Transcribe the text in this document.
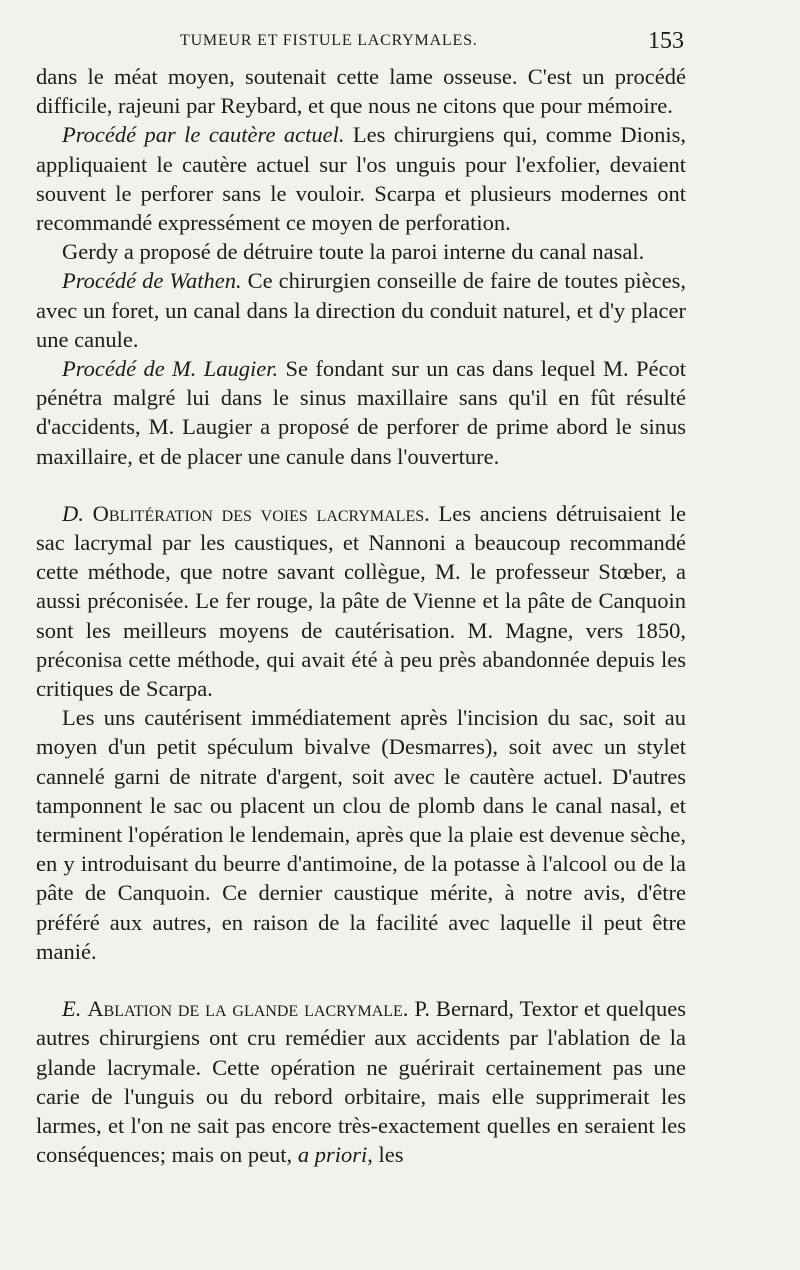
TUMEUR ET FISTULE LACRYMALES.	153

dans le méat moyen, soutenait cette lame osseuse. C'est un procédé difficile, rajeuni par Reybard, et que nous ne citons que pour mémoire.

Procédé par le cautère actuel. Les chirurgiens qui, comme Dionis, appliquaient le cautère actuel sur l'os unguis pour l'exfolier, devaient souvent le perforer sans le vouloir. Scarpa et plusieurs modernes ont recommandé expressément ce moyen de perforation.

Gerdy a proposé de détruire toute la paroi interne du canal nasal.

Procédé de Wathen. Ce chirurgien conseille de faire de toutes pièces, avec un foret, un canal dans la direction du conduit naturel, et d'y placer une canule.

Procédé de M. Laugier. Se fondant sur un cas dans lequel M. Pécot pénétra malgré lui dans le sinus maxillaire sans qu'il en fût résulté d'accidents, M. Laugier a proposé de perforer de prime abord le sinus maxillaire, et de placer une canule dans l'ouverture.

D. Oblitération des voies lacrymales. Les anciens détruisaient le sac lacrymal par les caustiques, et Nannoni a beaucoup recommandé cette méthode, que notre savant collègue, M. le professeur Stœber, a aussi préconisée. Le fer rouge, la pâte de Vienne et la pâte de Canquoin sont les meilleurs moyens de cautérisation. M. Magne, vers 1850, préconisa cette méthode, qui avait été à peu près abandonnée depuis les critiques de Scarpa.

Les uns cautérisent immédiatement après l'incision du sac, soit au moyen d'un petit spéculum bivalve (Desmarres), soit avec un stylet cannelé garni de nitrate d'argent, soit avec le cautère actuel. D'autres tamponnent le sac ou placent un clou de plomb dans le canal nasal, et terminent l'opération le lendemain, après que la plaie est devenue sèche, en y introduisant du beurre d'antimoine, de la potasse à l'alcool ou de la pâte de Canquoin. Ce dernier caustique mérite, à notre avis, d'être préféré aux autres, en raison de la facilité avec laquelle il peut être manié.

E. Ablation de la glande lacrymale. P. Bernard, Textor et quelques autres chirurgiens ont cru remédier aux accidents par l'ablation de la glande lacrymale. Cette opération ne guérirait certainement pas une carie de l'unguis ou du rebord orbitaire, mais elle supprimerait les larmes, et l'on ne sait pas encore très-exactement quelles en seraient les conséquences; mais on peut, a priori, les
